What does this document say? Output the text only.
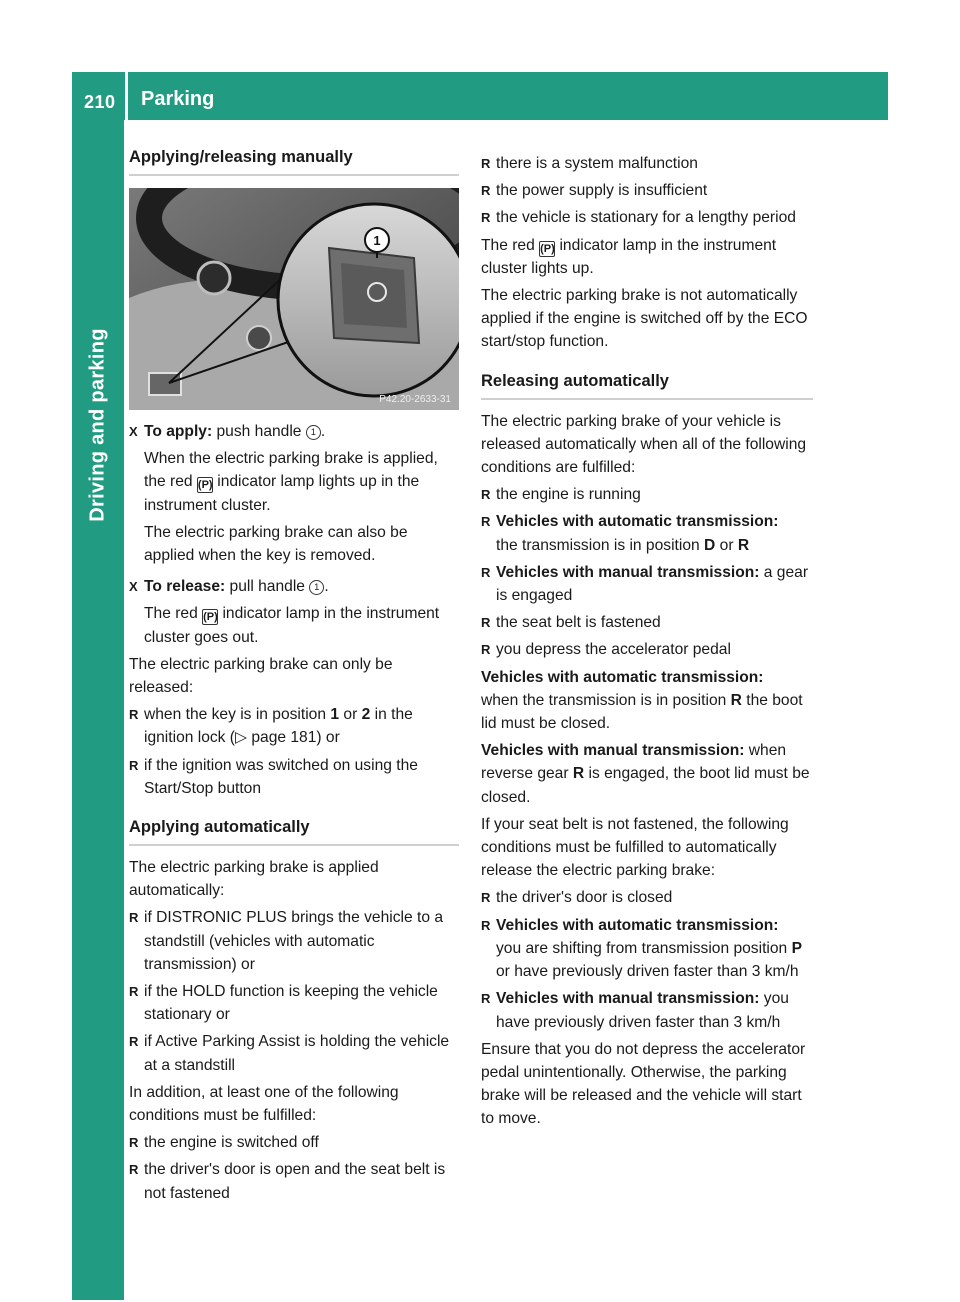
210 Parking
Driving and parking
Applying/releasing manually
1
P42.20-2633-31
X To apply: push handle 1 .

When the electric parking brake is applied, the red (P) indicator lamp lights up in the instrument cluster.

The electric parking brake can also be applied when the key is removed.

X To release: pull handle 1 .

The red (P) indicator lamp in the instrument cluster goes out.

The electric parking brake can only be released:

R when the key is in position 1 or 2 in the ignition lock (▷ page 181) or
R if the ignition was switched on using the Start/Stop button
Applying automatically

The electric parking brake is applied automatically:

R if DISTRONIC PLUS brings the vehicle to a standstill (vehicles with automatic transmission) or
R if the HOLD function is keeping the vehicle stationary or
R if Active Parking Assist is holding the vehicle at a standstill

In addition, at least one of the following conditions must be fulfilled:

R the engine is switched off
R the driver's door is open and the seat belt is not fastened
R there is a system malfunction
R the power supply is insufficient
R the vehicle is stationary for a lengthy period

The red (P) indicator lamp in the instrument cluster lights up.

The electric parking brake is not automatically applied if the engine is switched off by the ECO start/stop function.

Releasing automatically

The electric parking brake of your vehicle is released automatically when all of the following conditions are fulfilled:

R the engine is running
R Vehicles with automatic transmission:
the transmission is in position D or R
R Vehicles with manual transmission: a gear is engaged
R the seat belt is fastened
R you depress the accelerator pedal

Vehicles with automatic transmission:
when the transmission is in position R the boot lid must be closed.

Vehicles with manual transmission: when reverse gear R is engaged, the boot lid must be closed.

If your seat belt is not fastened, the following conditions must be fulfilled to automatically release the electric parking brake:

R the driver's door is closed
R Vehicles with automatic transmission:
you are shifting from transmission position P or have previously driven faster than 3 km/h
R Vehicles with manual transmission: you have previously driven faster than 3 km/h

Ensure that you do not depress the accelerator pedal unintentionally. Otherwise, the parking brake will be released and the vehicle will start to move.
